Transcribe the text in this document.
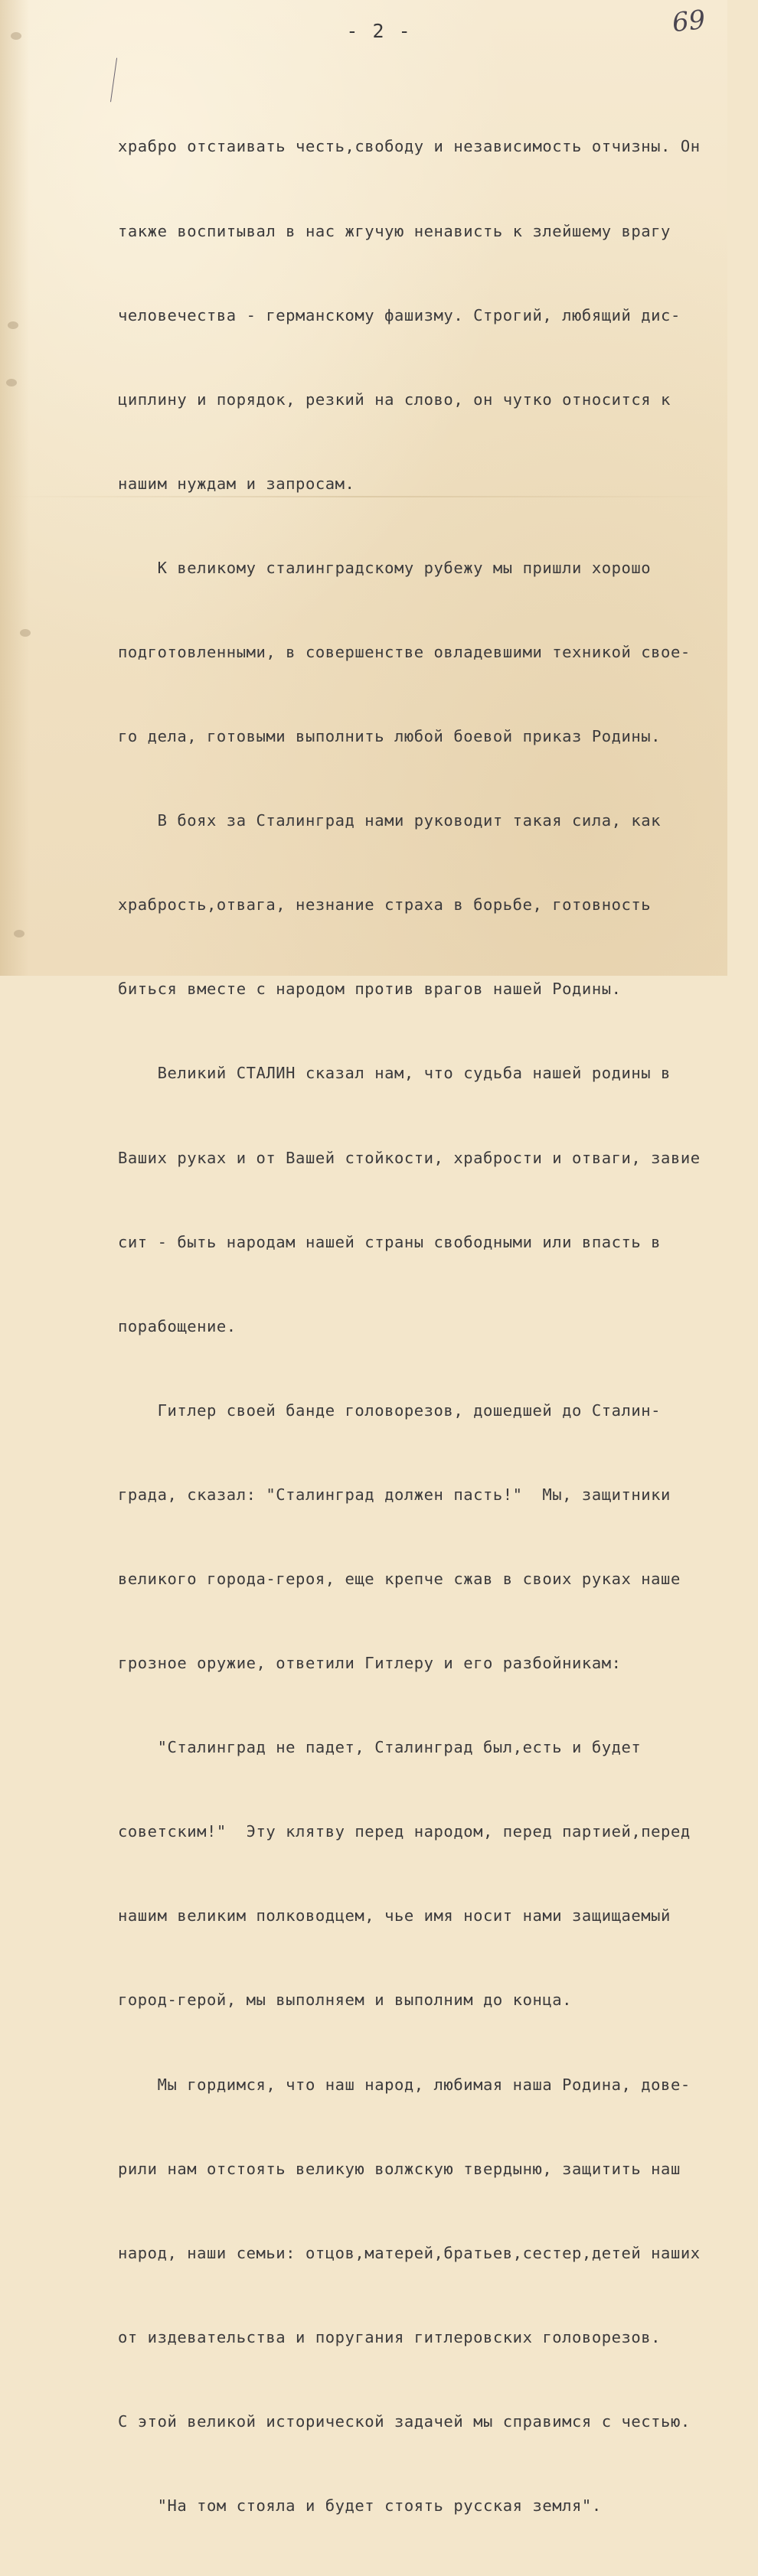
- 2 -	69

храбро отстаивать честь,свободу и независимость отчизны. Он

также воспитывал в нас жгучую ненависть к злейшему врагу

человечества - германскому фашизму. Строгий, любящий дис-

циплину и порядок, резкий на слово, он чутко относится к

нашим нуждам и запросам.

К великому сталинградскому рубежу мы пришли хорошо

подготовленными, в совершенстве овладевшими техникой свое-

го дела, готовыми выполнить любой боевой приказ Родины.

В боях за Сталинград нами руководит такая сила, как

храбрость,отвага, незнание страха в борьбе, готовность

биться вместе с народом против врагов нашей Родины.

Великий СТАЛИН сказал нам, что судьба нашей родины в

Ваших руках и от Вашей стойкости, храбрости и отваги, завие

сит - быть народам нашей страны свободными или впасть в

порабощение.

Гитлер своей банде головорезов, дошедшей до Сталин-

града, сказал: "Сталинград должен пасть!"  Мы, защитники

великого города-героя, еще крепче сжав в своих руках наше

грозное оружие, ответили Гитлеру и его разбойникам:

"Сталинград не падет, Сталинград был,есть и будет

советским!"  Эту клятву перед народом, перед партией,перед

нашим великим полководцем, чье имя носит нами защищаемый

город-герой, мы выполняем и выполним до конца.

Мы гордимся, что наш народ, любимая наша Родина, дове-

рили нам отстоять великую волжскую твердыню, защитить наш

народ, наши семьи: отцов,матерей,братьев,сестер,детей наших

от издевательства и поругания гитлеровских головорезов.

С этой великой исторической задачей мы справимся с честью.

"На том стояла и будет стоять русская земля".
